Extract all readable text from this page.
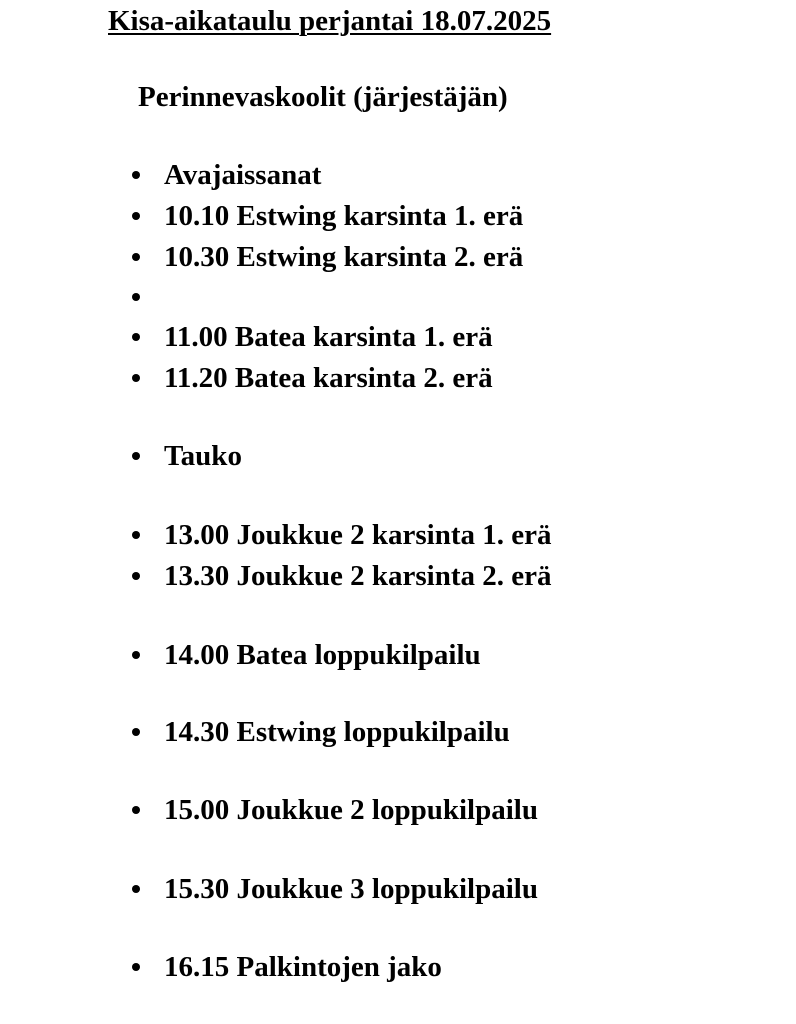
Kisa-aikataulu perjantai 18.07.2025
Perinnevaskoolit (järjestäjän)
Avajaissanat
10.10 Estwing karsinta 1. erä
10.30 Estwing karsinta 2. erä
11.00 Batea karsinta 1. erä
11.20 Batea karsinta 2. erä
Tauko
13.00 Joukkue 2 karsinta 1. erä
13.30 Joukkue 2 karsinta 2. erä
14.00 Batea loppukilpailu
14.30 Estwing loppukilpailu
15.00 Joukkue 2 loppukilpailu
15.30 Joukkue 3 loppukilpailu
16.15 Palkintojen jako
